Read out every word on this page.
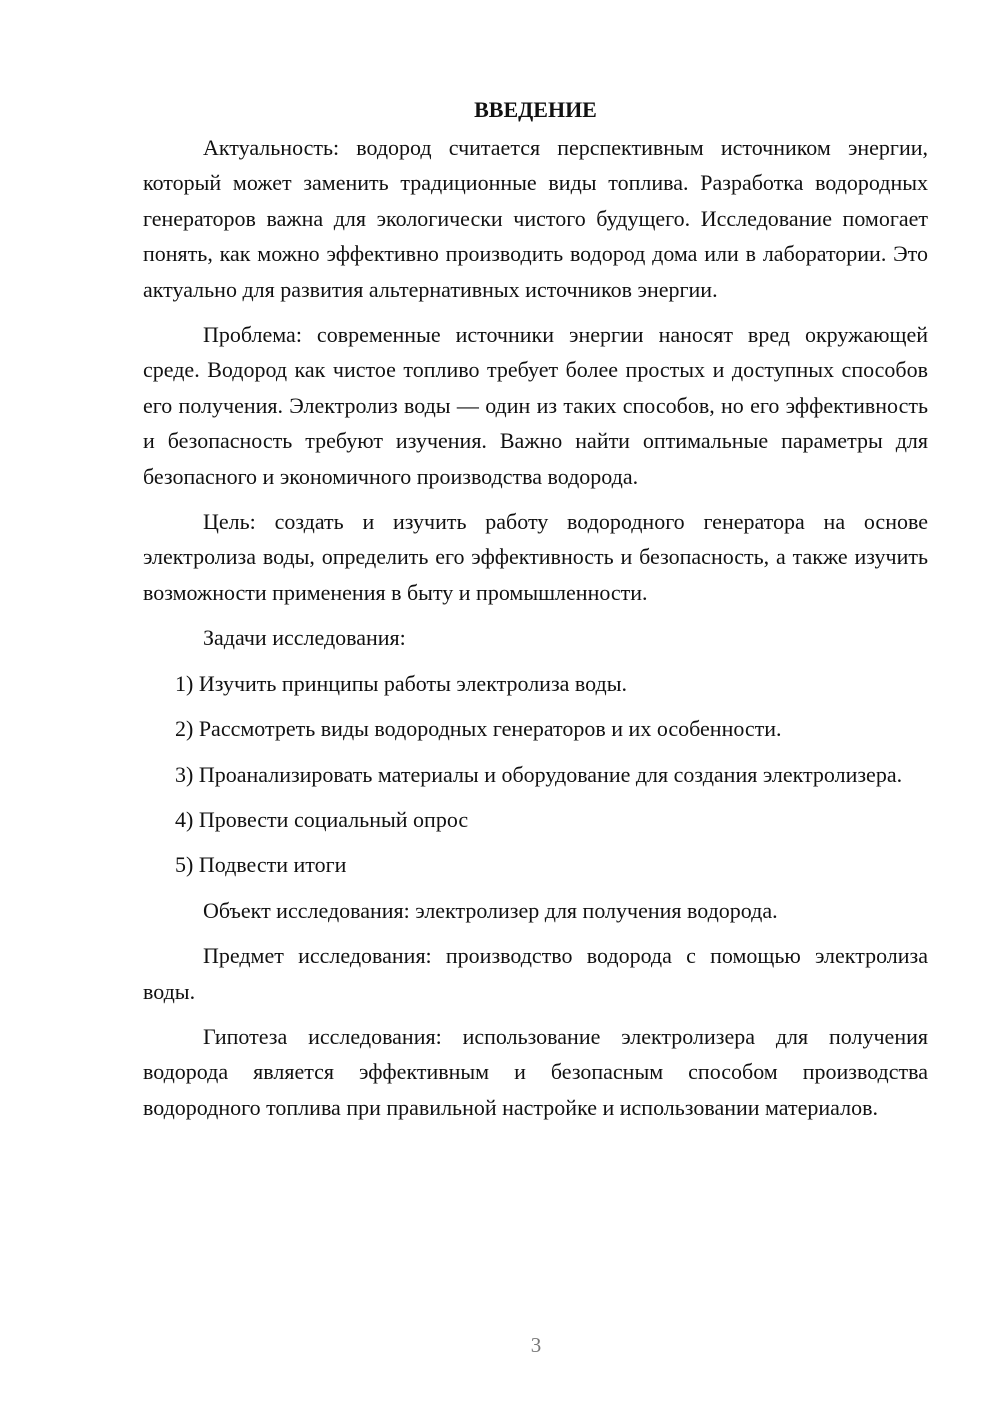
ВВЕДЕНИЕ

Актуальность: водород считается перспективным источником энергии, который может заменить традиционные виды топлива. Разработка водородных генераторов важна для экологически чистого будущего. Исследование помогает понять, как можно эффективно производить водород дома или в лаборатории. Это актуально для развития альтернативных источников энергии.

Проблема: современные источники энергии наносят вред окружающей среде. Водород как чистое топливо требует более простых и доступных способов его получения. Электролиз воды — один из таких способов, но его эффективность и безопасность требуют изучения. Важно найти оптимальные параметры для безопасного и экономичного производства водорода.

Цель: создать и изучить работу водородного генератора на основе электролиза воды, определить его эффективность и безопасность, а также изучить возможности применения в быту и промышленности.

Задачи исследования:

1) Изучить принципы работы электролиза воды.

2) Рассмотреть виды водородных генераторов и их особенности.

3) Проанализировать материалы и оборудование для создания электролизера.

4) Провести социальный опрос

5) Подвести итоги

Объект исследования: электролизер для получения водорода.

Предмет исследования: производство водорода с помощью электролиза воды.

Гипотеза исследования: использование электролизера для получения водорода является эффективным и безопасным способом производства водородного топлива при правильной настройке и использовании материалов.

3
